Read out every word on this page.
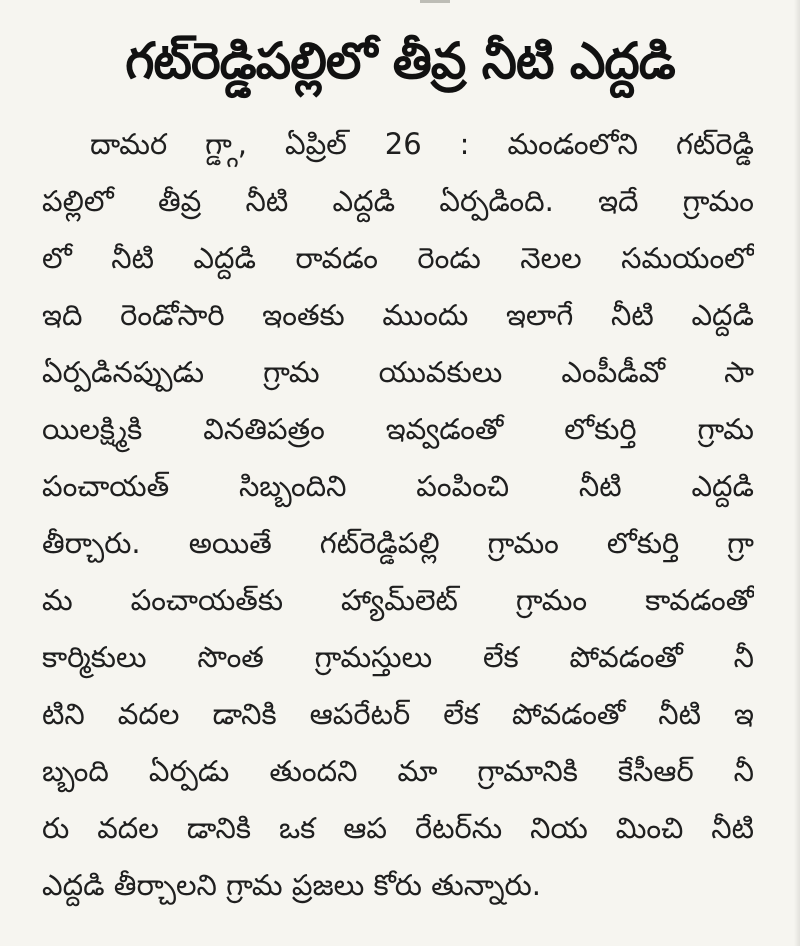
గట్‌రెడ్డిపల్లిలో తీవ్ర నీటి ఎద్దడి
దామర గ్డ్గా, ఏప్రిల్ 26 : మండంలోని గట్‌రెడ్డి
పల్లిలో తీవ్ర నీటి ఎద్దడి ఏర్పడింది. ఇదే గ్రామం
లో నీటి ఎద్దడి రావడం రెండు నెలల సమయంలో
ఇది రెండోసారి ఇంతకు ముందు ఇలాగే నీటి ఎద్దడి
ఏర్పడినప్పుడు గ్రామ యువకులు ఎంపీడీవో సా
యిలక్ష్మికి వినతిపత్రం ఇవ్వడంతో లోకుర్తి గ్రామ
పంచాయత్ సిబ్బందిని పంపించి నీటి ఎద్దడి
తీర్చారు. అయితే గట్‌రెడ్డిపల్లి గ్రామం లోకుర్తి గ్రా
మ పంచాయత్‌కు హ్యామ్‌లెట్ గ్రామం కావడంతో
కార్మికులు సొంత గ్రామస్తులు లేక పోవడంతో నీ
టిని వదల డానికి ఆపరేటర్ లేక పోవడంతో నీటి ఇ
బ్బంది ఏర్పడు తుందని మా గ్రామానికి కేసీఆర్ నీ
రు వదల డానికి ఒక ఆప రేటర్‌ను నియ మించి నీటి
ఎద్దడి తీర్చాలని గ్రామ ప్రజలు కోరు తున్నారు.
